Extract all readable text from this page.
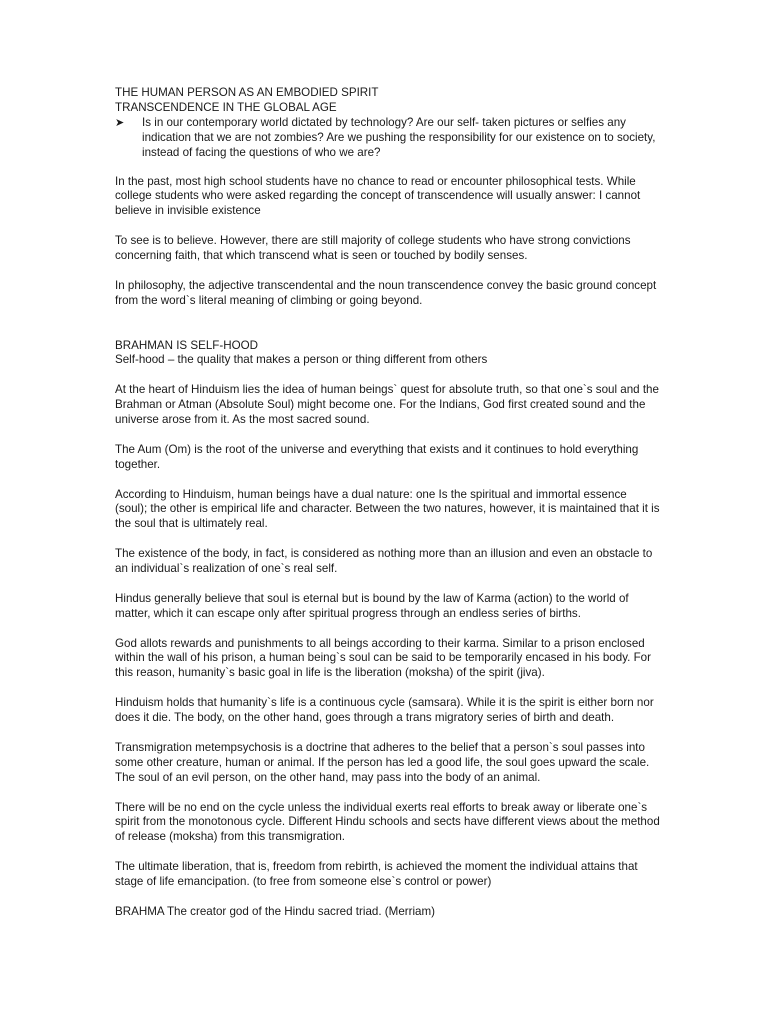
THE HUMAN PERSON AS AN EMBODIED SPIRIT
TRANSCENDENCE IN THE GLOBAL AGE
➤	Is in our contemporary world dictated by technology? Are our self- taken pictures or selfies any indication that we are not zombies? Are we pushing the responsibility for our existence on to society, instead of facing the questions of who we are?

In the past, most high school students have no chance to read or encounter philosophical tests. While college students who were asked regarding the concept of transcendence will usually answer: I cannot believe in invisible existence

To see is to believe. However, there are still majority of college students who have strong convictions concerning faith, that which transcend what is seen or touched by bodily senses.

In philosophy, the adjective transcendental and the noun transcendence convey the basic ground concept from the word`s literal meaning of climbing or going beyond.

BRAHMAN IS SELF-HOOD

Self-hood – the quality that makes a person or thing different from others

At the heart of Hinduism lies the idea of human beings` quest for absolute truth, so that one`s soul and the Brahman or Atman (Absolute Soul) might become one. For the Indians, God first created sound and the universe arose from it. As the most sacred sound.

The Aum (Om) is the root of the universe and everything that exists and it continues to hold everything together.

According to Hinduism, human beings have a dual nature: one Is the spiritual and immortal essence (soul); the other is empirical life and character. Between the two natures, however, it is maintained that it is the soul that is ultimately real.

The existence of the body, in fact, is considered as nothing more than an illusion and even an obstacle to an individual`s realization of one`s real self.

Hindus generally believe that soul is eternal but is bound by the law of Karma (action) to the world of matter, which it can escape only after spiritual progress through an endless series of births.

God allots rewards and punishments to all beings according to their karma. Similar to a prison enclosed within the wall of his prison, a human being`s soul can be said to be temporarily encased in his body. For this reason, humanity`s basic goal in life is the liberation (moksha) of the spirit (jiva).

Hinduism holds that humanity`s life is a continuous cycle (samsara). While it is the spirit is either born nor does it die. The body, on the other hand, goes through a trans migratory series of birth and death.

Transmigration metempsychosis is a doctrine that adheres to the belief that a person`s soul passes into some other creature, human or animal. If the person has led a good life, the soul goes upward the scale. The soul of an evil person, on the other hand, may pass into the body of an animal.

There will be no end on the cycle unless the individual exerts real efforts to break away or liberate one`s spirit from the monotonous cycle. Different Hindu schools and sects have different views about the method of release (moksha) from this transmigration.

The ultimate liberation, that is, freedom from rebirth, is achieved the moment the individual attains that stage of life emancipation. (to free from someone else`s control or power)

BRAHMA The creator god of the Hindu sacred triad. (Merriam)
